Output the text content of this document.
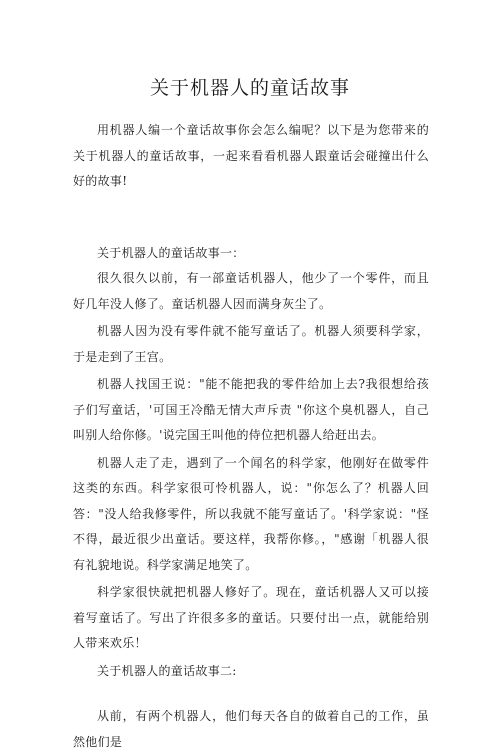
关于机器人的童话故事

用机器人编一个童话故事你会怎么编呢？以下是为您带来的关于机器人的童话故事，一起来看看机器人跟童话会碰撞出什么好的故事!

关于机器人的童话故事一：

很久很久以前，有一部童话机器人，他少了一个零件，而且好几年没人修了。童话机器人因而满身灰尘了。

机器人因为没有零件就不能写童话了。机器人须要科学家，于是走到了王宫。

机器人找国王说："能不能把我的零件给加上去?我很想给孩子们写童话，'可国王冷酷无情大声斥责 "你这个臭机器人，自己叫别人给你修。'说完国王叫他的侍位把机器人给赶出去。

机器人走了走，遇到了一个闻名的科学家，他刚好在做零件这类的东西。科学家很可怜机器人，说："你怎么了？机器人回答："没人给我修零件，所以我就不能写童话了。'科学家说："怪不得，最近很少出童话。要这样，我帮你修。，"感谢「机器人很有礼貌地说。科学家满足地笑了。

科学家很快就把机器人修好了。现在，童话机器人又可以接着写童话了。写出了许很多多的童话。只要付出一点，就能给别人带来欢乐！

关于机器人的童话故事二:

从前，有两个机器人，他们每天各自的做着自己的工作，虽然他们是
